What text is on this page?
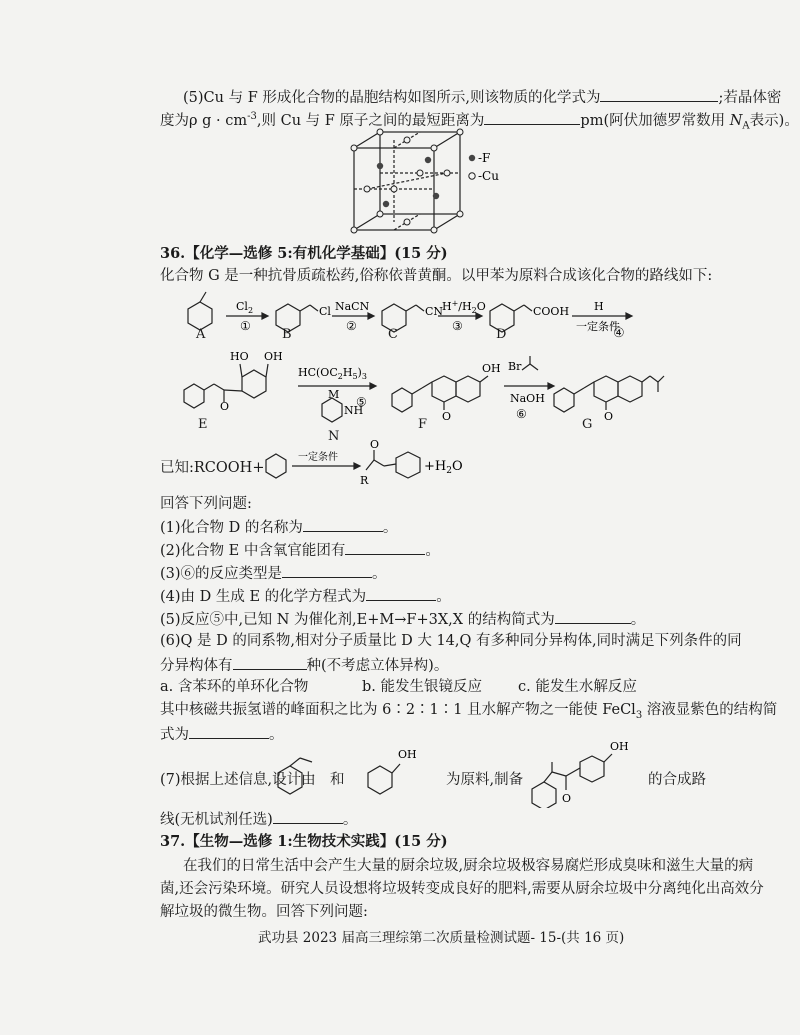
(5)Cu 与 F 形成化合物的晶胞结构如图所示,则该物质的化学式为	;若晶体密
度为ρ $g \cdot cm^{-3}$,则 Cu 与 F 原子之间的最短距离为	pm(阿伏加德罗常数用 $N_A$表示)。
-F
-Cu
36.【化学—选修 5:有机化学基础】(15 分)
化合物 G 是一种抗骨质疏松药,俗称依普黄酮。以甲苯为原料合成该化合物的路线如下:
$Cl_2$
①
Cl NaCN
②
CN
$H^+/H_2O$
③
COOH H
一定条件
④
A	B	C	D
HO OH
O
$HC(OC_2H_5)_3$
M
NH
⑤
O
OH Br
NaOH
⑥	O
E
N
F	G
已知:RCOOH+
一定条件
O
R
$+H_2O$
回答下列问题:
(1)化合物 D 的名称为	。
(2)化合物 E 中含氧官能团有	。
(3)⑥的反应类型是	。
(4)由 D 生成 E 的化学方程式为	。
(5)反应⑤中,已知 N 为催化剂,E+M→F+3X,X 的结构简式为	。
(6)Q 是 D 的同系物,相对分子质量比 D 大 14,Q 有多种同分异构体,同时满足下列条件的同
分异构体有	种(不考虑立体异构)。
a. 含苯环的单环化合物	b. 能发生银镜反应 c. 能发生水解反应
其中核磁共振氢谱的峰面积之比为 6∶2∶1∶1 且水解产物之一能使 FeCl$_3$ 溶液显紫色的结构简
式为	。
(7)根据上述信息,设计由 和	为原料,制备	的合成路
OH
OH
O
线(无机试剂任选)	。
37.【生物—选修 1:生物技术实践】(15 分)
在我们的日常生活中会产生大量的厨余垃圾,厨余垃圾极容易腐烂形成臭味和滋生大量的病
菌,还会污染环境。研究人员设想将垃圾转变成良好的肥料,需要从厨余垃圾中分离纯化出高效分
解垃圾的微生物。回答下列问题:
武功县 2023 届高三理综第二次质量检测试题- 15-(共 16 页)
